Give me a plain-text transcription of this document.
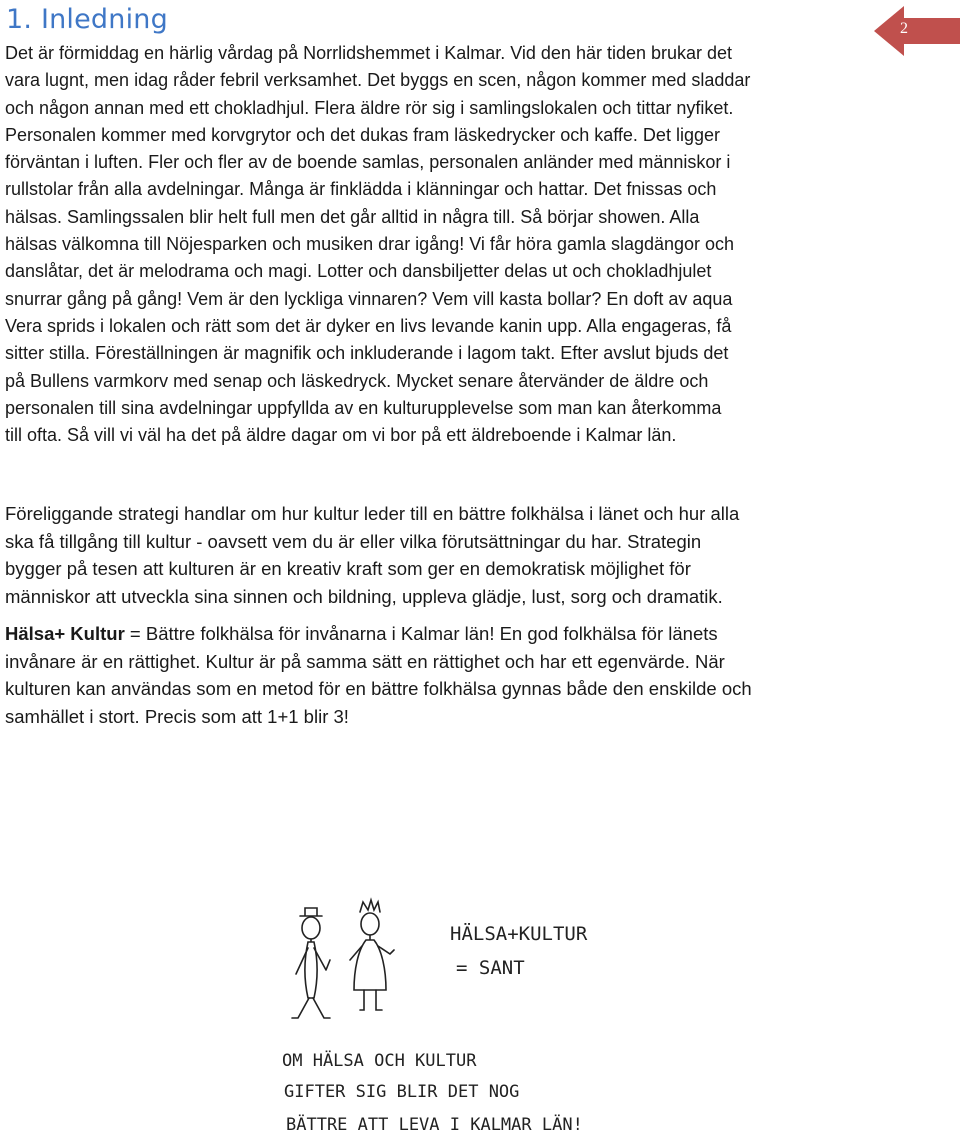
1. Inledning	2
Det är förmiddag en härlig vårdag på Norrlidshemmet i Kalmar. Vid den här tiden brukar det
vara lugnt, men idag råder febril verksamhet. Det byggs en scen, någon kommer med sladdar
och någon annan med ett chokladhjul. Flera äldre rör sig i samlingslokalen och tittar nyfiket.
Personalen kommer med korvgrytor och det dukas fram läskedrycker och kaffe. Det ligger
förväntan i luften. Fler och fler av de boende samlas, personalen anländer med människor i
rullstolar från alla avdelningar. Många är finklädda i klänningar och hattar. Det fnissas och
hälsas. Samlingssalen blir helt full men det går alltid in några till. Så börjar showen. Alla
hälsas välkomna till Nöjesparken och musiken drar igång! Vi får höra gamla slagdängor och
danslåtar, det är melodrama och magi. Lotter och dansbiljetter delas ut och chokladhjulet
snurrar gång på gång! Vem är den lyckliga vinnaren? Vem vill kasta bollar? En doft av aqua
Vera sprids i lokalen och rätt som det är dyker en livs levande kanin upp. Alla engageras, få
sitter stilla. Föreställningen är magnifik och inkluderande i lagom takt. Efter avslut bjuds det
på Bullens varmkorv med senap och läskedryck. Mycket senare återvänder de äldre och
personalen till sina avdelningar uppfyllda av en kulturupplevelse som man kan återkomma
till ofta. Så vill vi väl ha det på äldre dagar om vi bor på ett äldreboende i Kalmar län.
Föreliggande strategi handlar om hur kultur leder till en bättre folkhälsa i länet och hur alla
ska få tillgång till kultur - oavsett vem du är eller vilka förutsättningar du har. Strategin
bygger på tesen att kulturen är en kreativ kraft som ger en demokratisk möjlighet för
människor att utveckla sina sinnen och bildning, uppleva glädje, lust, sorg och dramatik.
Hälsa+ Kultur = Bättre folkhälsa för invånarna i Kalmar län! En god folkhälsa för länets
invånare är en rättighet. Kultur är på samma sätt en rättighet och har ett egenvärde. När
kulturen kan användas som en metod för en bättre folkhälsa gynnas både den enskilde och
samhället i stort. Precis som att 1+1 blir 3!
HÄLSA+KULTUR
= SANT
OM HÄLSA OCH KULTUR
GIFTER SIG BLIR DET NOG
BÄTTRE ATT LEVA I KALMAR LÄN!
